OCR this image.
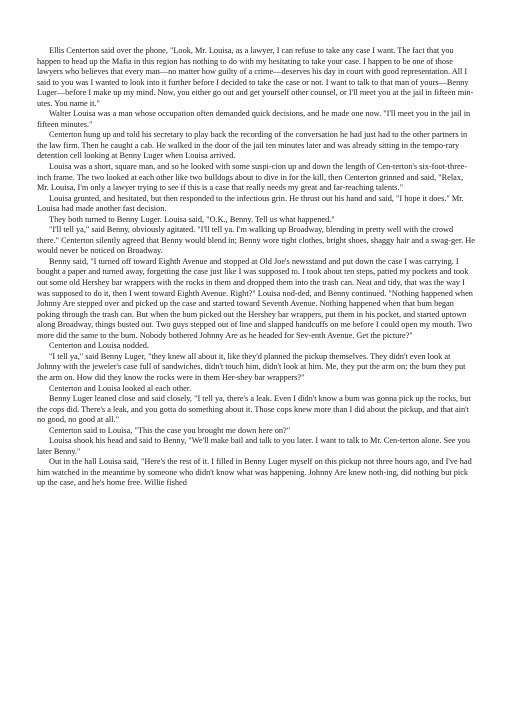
Ellis Centerton said over the phone, "Look, Mr. Louisa, as a lawyer, I can refuse to take any case I want. The fact that you happen to head up the Mafia in this region has nothing to do with my hesitating to take your case. I happen to be one of those lawyers who believes that every man—no matter how guilty of a crime—deserves his day in court with good representation. All I said to you was I wanted to look into it further before I decided to take the case or not. I want to talk to that man of yours—Benny Luger—before I make up my mind. Now, you either go out and get yourself other counsel, or I'll meet you at the jail in fifteen min-utes. You name it."

Walter Louisa was a man whose occupation often demanded quick decisions, and he made one now. "I'll meet you in the jail in fifteen minutes."

Centerton hung up and told his secretary to play back the recording of the conversation he had just had to the other partners in the law firm. Then he caught a cab. He walked in the door of the jail ten minutes later and was already sitting in the tempo-rary detention cell looking at Benny Luger when Louisa arrived.

Louisa was a short, square man, and so he looked with some suspi-cion up and down the length of Cen-terton's six-foot-three-inch frame. The two looked at each other like two bulldogs about to dive in for the kill, then Centerton grinned and said, "Relax, Mr. Louisa, I'm only a lawyer trying to see if this is a case that really needs my great and far-reaching talents."

Louisa grunted, and hesitated, but then responded to the infectious grin. He thrust out his hand and said, "I hope it does." Mr. Louisa had made another fast decision.

They both turned to Benny Luger. Louisa said, "O.K., Benny. Tell us what happened."

"I'll tell ya," said Benny, obviously agitated. "I'll tell ya. I'm walking up Broadway, blending in pretty well with the crowd there." Centerton silently agreed that Benny would blend in; Benny wore tight clothes, bright shoes, shaggy hair and a swag-ger. He would never be noticed on Broadway.

Benny said, "I turned off toward Eighth Avenue and stopped at Old Joe's newsstand and put down the case I was carrying. I bought a paper and turned away, forgetting the case just like I was supposed to. I took about ten steps, patted my pockets and took out some old Hershey bar wrappers with the rocks in them and dropped them into the trash can. Neat and tidy, that was the way I was supposed to do it, then I went toward Eighth Avenue. Right?" Louisa nod-ded, and Benny continued. "Nothing happened when Johnny Are stepped over and picked up the case and started toward Seventh Avenue. Nothing happened when that bum began poking through the trash can. But when the bum picked out the Hershey bar wrappers, put them in his pocket, and started uptown along Broadway, things busted out. Two guys stepped out of line and slapped handcuffs on me before I could open my mouth. Two more did the same to the bum. Nobody bothered Johnny Are as he headed for Sev-enth Avenue. Get the picture?"

Centerton and Louisa nodded.

"I tell ya," said Benny Luger, "they knew all about it, like they'd planned the pickup themselves. They didn't even look at Johnny with the jeweler's case full of sandwiches, didn't touch him, didn't look at him. Me, they put the arm on; the bum they put the arm on. How did they know the rocks were in them Her-shey bar wrappers?"

Centerton and Louisa looked al each other.

Benny Luger leaned close and said closely, "I tell ya, there's a leak. Even I didn't know a bum was gonna pick up the rocks, but the cops did. There's a leak, and you gotta do something about it. Those cops knew more than I did about the pickup, and that ain't no good, no good at all."

Centerton said to Louisa, "This the case you brought me down here on?"

Louisa shook his head and said to Benny, "We'll make bail and talk to you later. I want to talk to Mr. Cen-terton alone. See you later Benny."

Out in the hall Louisa said, "Here's the rest of it. I filled in Benny Luger myself on this pickup not three hours ago, and I've had him watched in the meantime by someone who didn't know what was happening. Johnny Are knew noth-ing, did nothing but pick up the case, and he's home free. Willie fished
